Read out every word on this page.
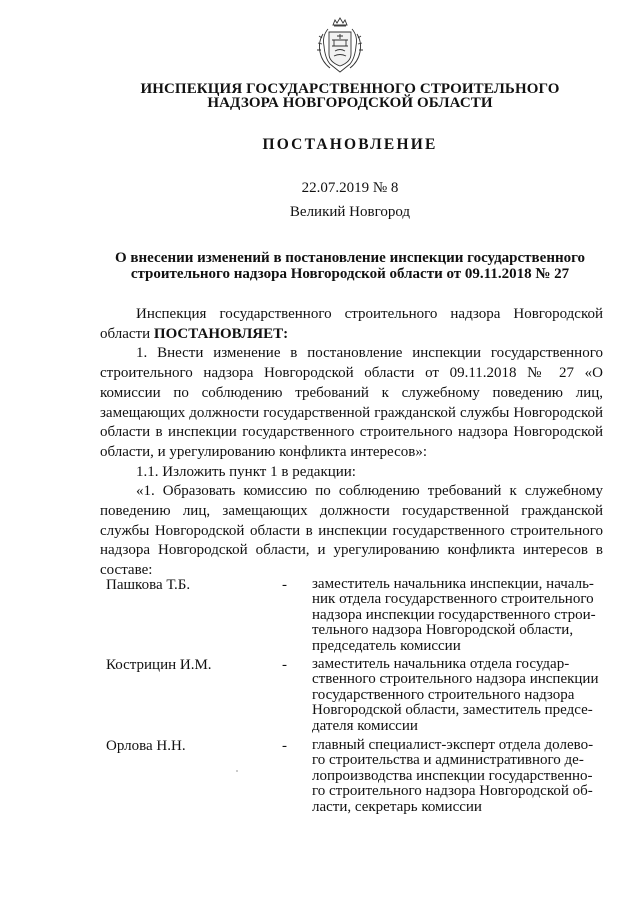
ИНСПЕКЦИЯ ГОСУДАРСТВЕННОГО СТРОИТЕЛЬНОГО
НАДЗОРА НОВГОРОДСКОЙ ОБЛАСТИ
ПОСТАНОВЛЕНИЕ
22.07.2019 № 8
Великий Новгород
О внесении изменений в постановление инспекции государственного
строительного надзора Новгородской области от 09.11.2018 № 27

Инспекция государственного строительного надзора Новгородской области ПОСТАНОВЛЯЕТ:

1. Внести изменение в постановление инспекции государственного строительного надзора Новгородской области от 09.11.2018 № 27 «О комиссии по соблюдению требований к служебному поведению лиц, замещающих должности государственной гражданской службы Новгородской области в инспекции государственного строительного надзора Новгородской области, и урегулированию конфликта интересов»:

1.1. Изложить пункт 1 в редакции:

«1. Образовать комиссию по соблюдению требований к служебному поведению лиц, замещающих должности государственной гражданской службы Новгородской области в инспекции государственного строительного надзора Новгородской области, и урегулированию конфликта интересов в составе:

Пашкова Т.Б.	- заместитель начальника инспекции, началь-
ник отдела государственного строительного
надзора инспекции государственного строи-
тельного надзора Новгородской области,
председатель комиссии
Кострицин И.М.	- заместитель начальника отдела государ-
ственного строительного надзора инспекции
государственного строительного надзора
Новгородской области, заместитель предсе-
дателя комиссии
Орлова Н.Н.	- главный специалист-эксперт отдела долево-
го строительства и административного де-
лопроизводства инспекции государственно-
го строительного надзора Новгородской об-
ласти, секретарь комиссии
